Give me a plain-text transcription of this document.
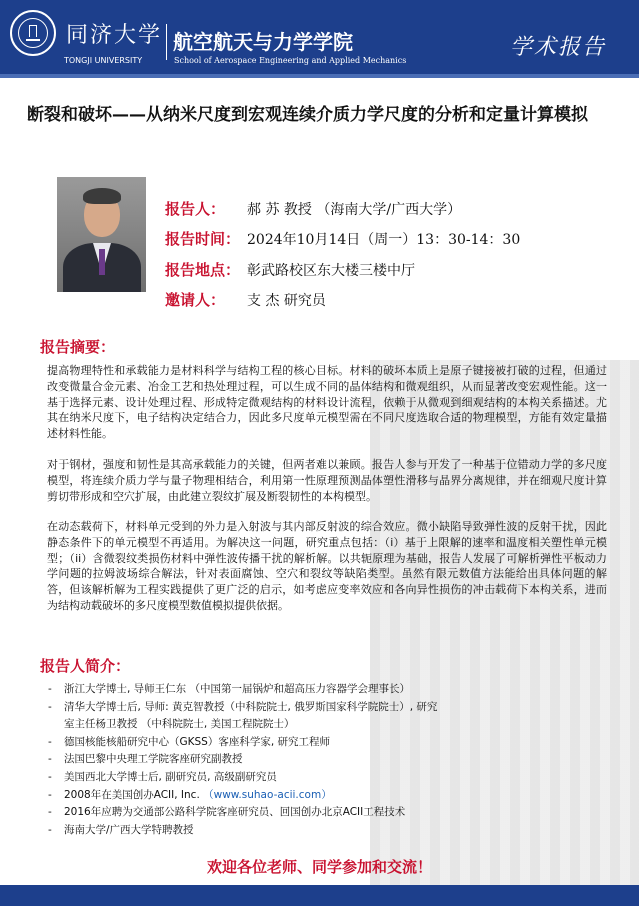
同济大学
TONGJI UNIVERSITY
航空航天与力学学院
School of Aerospace Engineering and Applied Mechanics
学术报告
断裂和破坏——从纳米尺度到宏观连续介质力学尺度的分析和定量计算模拟
报告人： 郝 苏 教授 （海南大学/广西大学）
报告时间： 2024年10月14日（周一）13：30-14：30
报告地点： 彰武路校区东大楼三楼中厅
邀请人： 支 杰 研究员
报告摘要：
提高物理特性和承载能力是材料科学与结构工程的核心目标。材料的破坏本质上是原子键接被打破的过程，但通过改变微量合金元素、冶金工艺和热处理过程，可以生成不同的晶体结构和微观组织，从而显著改变宏观性能。这一基于选择元素、设计处理过程、形成特定微观结构的材料设计流程，依赖于从微观到细观结构的本构关系描述。尤其在纳米尺度下，电子结构决定结合力，因此多尺度单元模型需在不同尺度选取合适的物理模型，方能有效定量描述材料性能。
对于钢材，强度和韧性是其高承载能力的关键，但两者难以兼顾。报告人参与开发了一种基于位错动力学的多尺度模型，将连续介质力学与量子物理相结合，利用第一性原理预测晶体塑性滑移与晶界分离规律，并在细观尺度计算剪切带形成和空穴扩展，由此建立裂纹扩展及断裂韧性的本构模型。
在动态载荷下，材料单元受到的外力是入射波与其内部反射波的综合效应。微小缺陷导致弹性波的反射干扰，因此静态条件下的单元模型不再适用。为解决这一问题，研究重点包括：（i）基于上限解的速率和温度相关塑性单元模型；（ii）含微裂纹类损伤材料中弹性波传播干扰的解析解。以共轭原理为基础，报告人发展了可解析弹性平板动力学问题的拉姆波场综合解法，针对表面腐蚀、空穴和裂纹等缺陷类型。虽然有限元数值方法能给出具体问题的解答，但该解析解为工程实践提供了更广泛的启示，如考虑应变率效应和各向异性损伤的冲击载荷下本构关系，进而为结构动载破坏的多尺度模型数值模拟提供依据。
报告人简介：
- 浙江大学博士, 导师王仁东 （中国第一届锅炉和超高压力容器学会理事长）
- 清华大学博士后, 导师: 黄克智教授（中科院院士, 俄罗斯国家科学院院士）, 研究
室主任杨卫教授 （中科院院士, 美国工程院院士）
- 德国核能核船研究中心（GKSS）客座科学家, 研究工程师
- 法国巴黎中央理工学院客座研究副教授
- 美国西北大学博士后, 副研究员, 高级副研究员
- 2008年在美国创办ACII, Inc. （www.suhao-acii.com）
- 2016年应聘为交通部公路科学院客座研究员、回国创办北京ACII工程技术
- 海南大学/广西大学特聘教授
欢迎各位老师、同学参加和交流！
